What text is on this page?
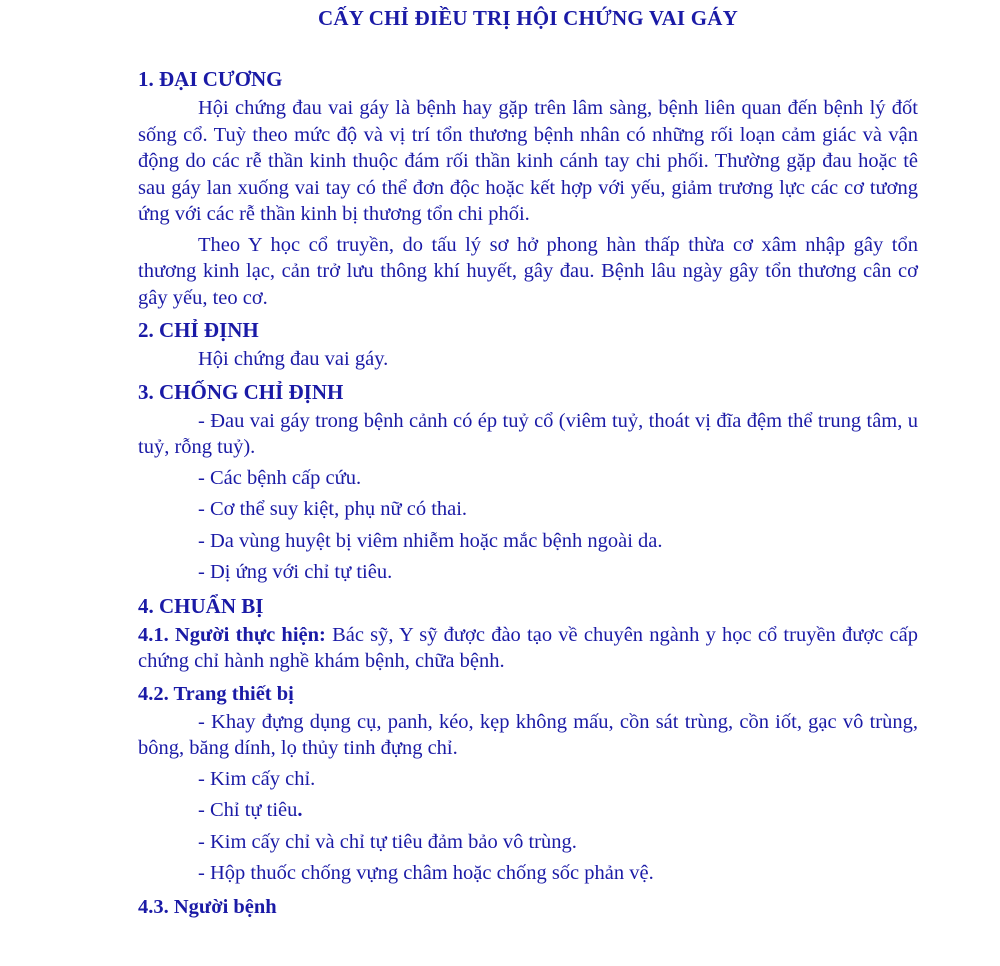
CẤY CHỈ ĐIỀU TRỊ HỘI CHỨNG VAI GÁY
1. ĐẠI CƯƠNG

Hội chứng đau vai gáy là bệnh hay gặp trên lâm sàng, bệnh liên quan đến bệnh lý đốt sống cổ. Tuỳ theo mức độ và vị trí tổn thương bệnh nhân có những rối loạn cảm giác và vận động do các rễ thần kinh thuộc đám rối thần kinh cánh tay chi phối. Thường gặp đau hoặc tê sau gáy lan xuống vai tay có thể đơn độc hoặc kết hợp với yếu, giảm trương lực các cơ tương ứng với các rễ thần kinh bị thương tổn chi phối.

Theo Y học cổ truyền, do tấu lý sơ hở phong hàn thấp thừa cơ xâm nhập gây tổn thương kinh lạc, cản trở lưu thông khí huyết, gây đau. Bệnh lâu ngày gây tổn thương cân cơ gây yếu, teo cơ.

2. CHỈ ĐỊNH

Hội chứng đau vai gáy.

3. CHỐNG CHỈ ĐỊNH

- Đau vai gáy trong bệnh cảnh có ép tuỷ cổ (viêm tuỷ, thoát vị đĩa đệm thể trung tâm, u tuỷ, rỗng tuỷ).

- Các bệnh cấp cứu.
- Cơ thể suy kiệt, phụ nữ có thai.
- Da vùng huyệt bị viêm nhiễm hoặc mắc bệnh ngoài da.
- Dị ứng với chỉ tự tiêu.
4. CHUẨN BỊ

4.1. Người thực hiện: Bác sỹ, Y sỹ được đào tạo về chuyên ngành y học cổ truyền được cấp chứng chỉ hành nghề khám bệnh, chữa bệnh.

4.2. Trang thiết bị

- Khay đựng dụng cụ, panh, kéo, kẹp không mấu, cồn sát trùng, cồn iốt, gạc vô trùng, bông, băng dính, lọ thủy tinh đựng chỉ.

- Kim cấy chỉ.
- Chỉ tự tiêu.
- Kim cấy chỉ và chỉ tự tiêu đảm bảo vô trùng.
- Hộp thuốc chống vựng châm hoặc chống sốc phản vệ.
4.3. Người bệnh
